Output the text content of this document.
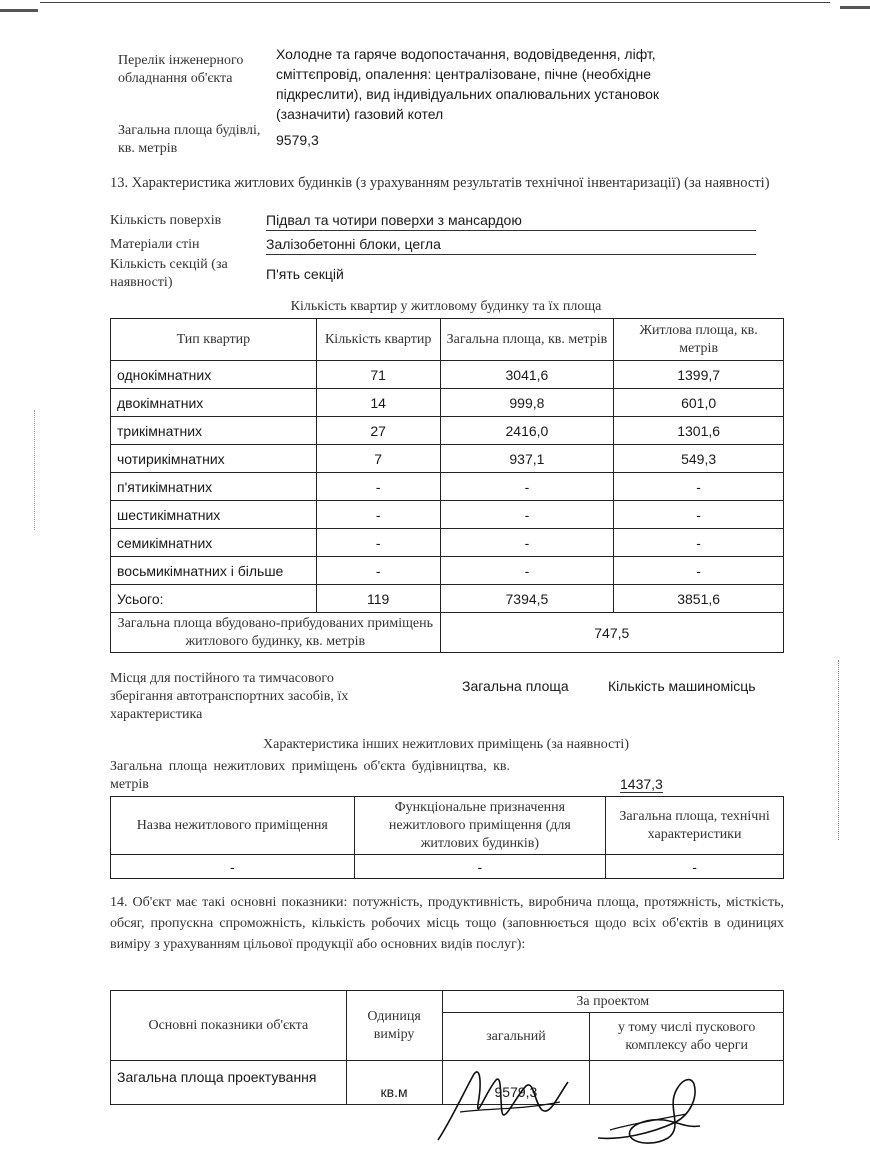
Перелік інженерного обладнання об'єкта
Холодне та гаряче водопостачання, водовідведення, ліфт, сміттєпровід, опалення: централізоване, пічне (необхідне підкреслити), вид індивідуальних опалювальних установок (зазначити) газовий котел
Загальна площа будівлі, кв. метрів
9579,3
13. Характеристика житлових будинків (з урахуванням результатів технічної інвентаризації) (за наявності)
Кількість поверхів	Підвал та чотири поверхи з мансардою
Матеріали стін	Залізобетонні блоки, цегла
Кількість секцій (за наявності)
П'ять секцій
Кількість квартир у житловому будинку та їх площа
Тип квартир	Кількість квартир	Загальна площа, кв. метрів	Житлова площа, кв. метрів
однокімнатних	71	3041,6	1399,7
двокімнатних	14	999,8	601,0
трикімнатних	27	2416,0	1301,6
чотирикімнатних	7	937,1	549,3
п'ятикімнатних	-	-	-
шестикімнатних	-	-	-
семикімнатних	-	-	-
восьмикімнатних і більше	-	-	-
Усього:	119	7394,5	3851,6
Загальна площа вбудовано-прибудованих приміщень житлового будинку, кв. метрів		747,5	
Місця для постійного та тимчасового зберігання автотранспортних засобів, їх характеристика
Загальна площа	Кількість машиномісць
Характеристика інших нежитлових приміщень (за наявності)
Загальна площа нежитлових приміщень об'єкта будівництва, кв. метрів	1437,3
Назва нежитлового приміщення	Функціональне призначення нежитлового приміщення (для житлових будинків)	Загальна площа, технічні характеристики
-	-	-
14. Об'єкт має такі основні показники: потужність, продуктивність, виробнича площа, протяжність, місткість, обсяг, пропускна спроможність, кількість робочих місць тощо (заповнюється щодо всіх об'єктів в одиницях виміру з урахуванням цільової продукції або основних видів послуг):
Основні показники об'єкта	Одиниця виміру	За проектом	
		загальний	у тому числі пускового комплексу або черги
Загальна площа проектування	кв.м	9579,3	
